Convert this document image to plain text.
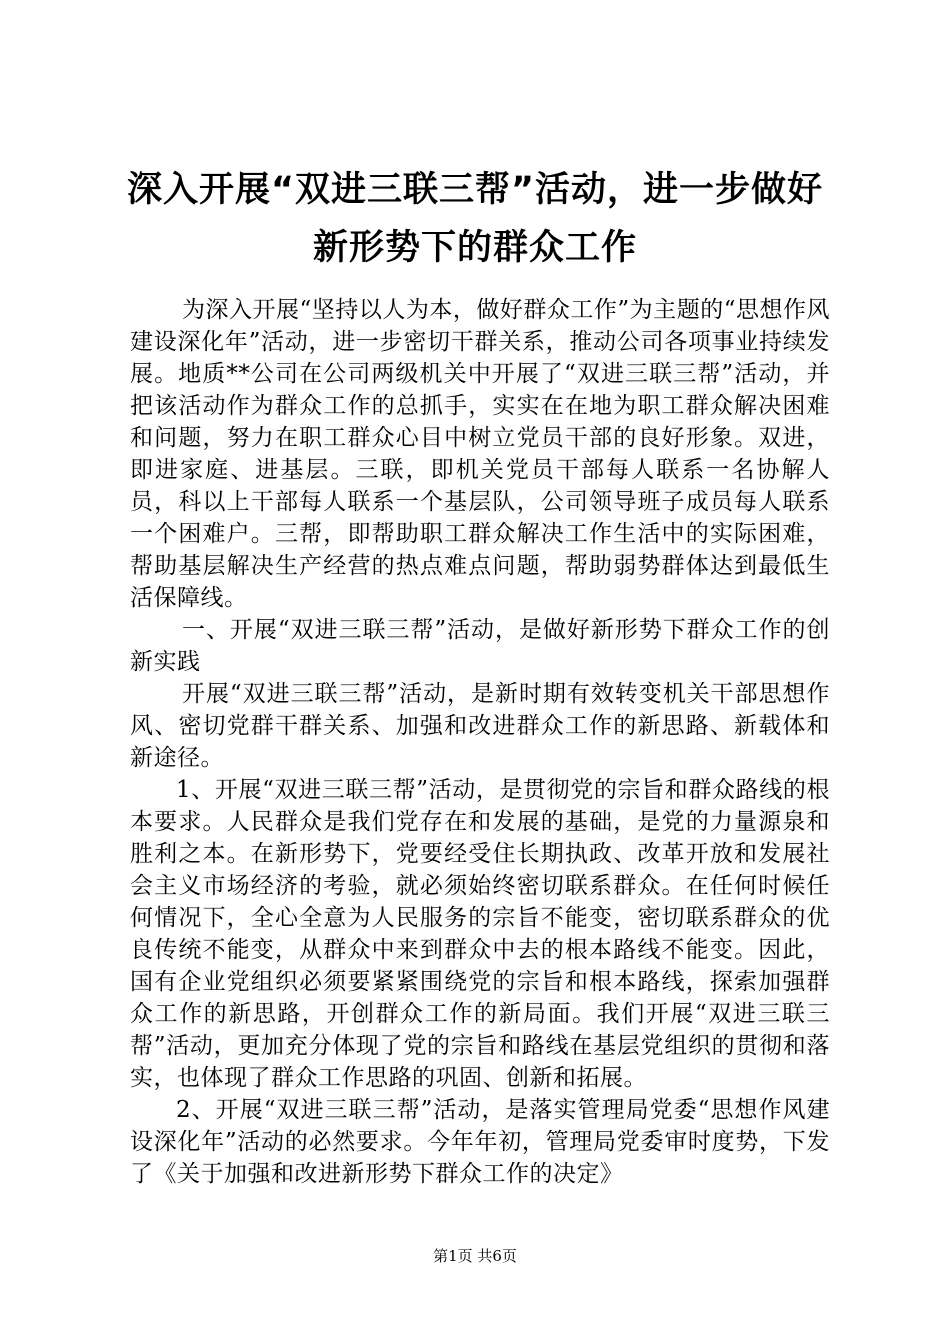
深入开展“双进三联三帮”活动，进一步做好
新形势下的群众工作

为深入开展“坚持以人为本，做好群众工作”为主题的“思想作风建设深化年”活动，进一步密切干群关系，推动公司各项事业持续发展。地质**公司在公司两级机关中开展了“双进三联三帮”活动，并把该活动作为群众工作的总抓手，实实在在地为职工群众解决困难和问题，努力在职工群众心目中树立党员干部的良好形象。双进，即进家庭、进基层。三联，即机关党员干部每人联系一名协解人员，科以上干部每人联系一个基层队，公司领导班子成员每人联系一个困难户。三帮，即帮助职工群众解决工作生活中的实际困难，帮助基层解决生产经营的热点难点问题，帮助弱势群体达到最低生活保障线。

一、开展“双进三联三帮”活动，是做好新形势下群众工作的创新实践

开展“双进三联三帮”活动，是新时期有效转变机关干部思想作风、密切党群干群关系、加强和改进群众工作的新思路、新载体和新途径。

1、开展“双进三联三帮”活动，是贯彻党的宗旨和群众路线的根本要求。人民群众是我们党存在和发展的基础，是党的力量源泉和胜利之本。在新形势下，党要经受住长期执政、改革开放和发展社会主义市场经济的考验，就必须始终密切联系群众。在任何时候任何情况下，全心全意为人民服务的宗旨不能变，密切联系群众的优良传统不能变，从群众中来到群众中去的根本路线不能变。因此，国有企业党组织必须要紧紧围绕党的宗旨和根本路线，探索加强群众工作的新思路，开创群众工作的新局面。我们开展“双进三联三帮”活动，更加充分体现了党的宗旨和路线在基层党组织的贯彻和落实，也体现了群众工作思路的巩固、创新和拓展。

2、开展“双进三联三帮”活动，是落实管理局党委“思想作风建设深化年”活动的必然要求。今年年初，管理局党委审时度势，下发了《关于加强和改进新形势下群众工作的决定》

第1页 共6页
